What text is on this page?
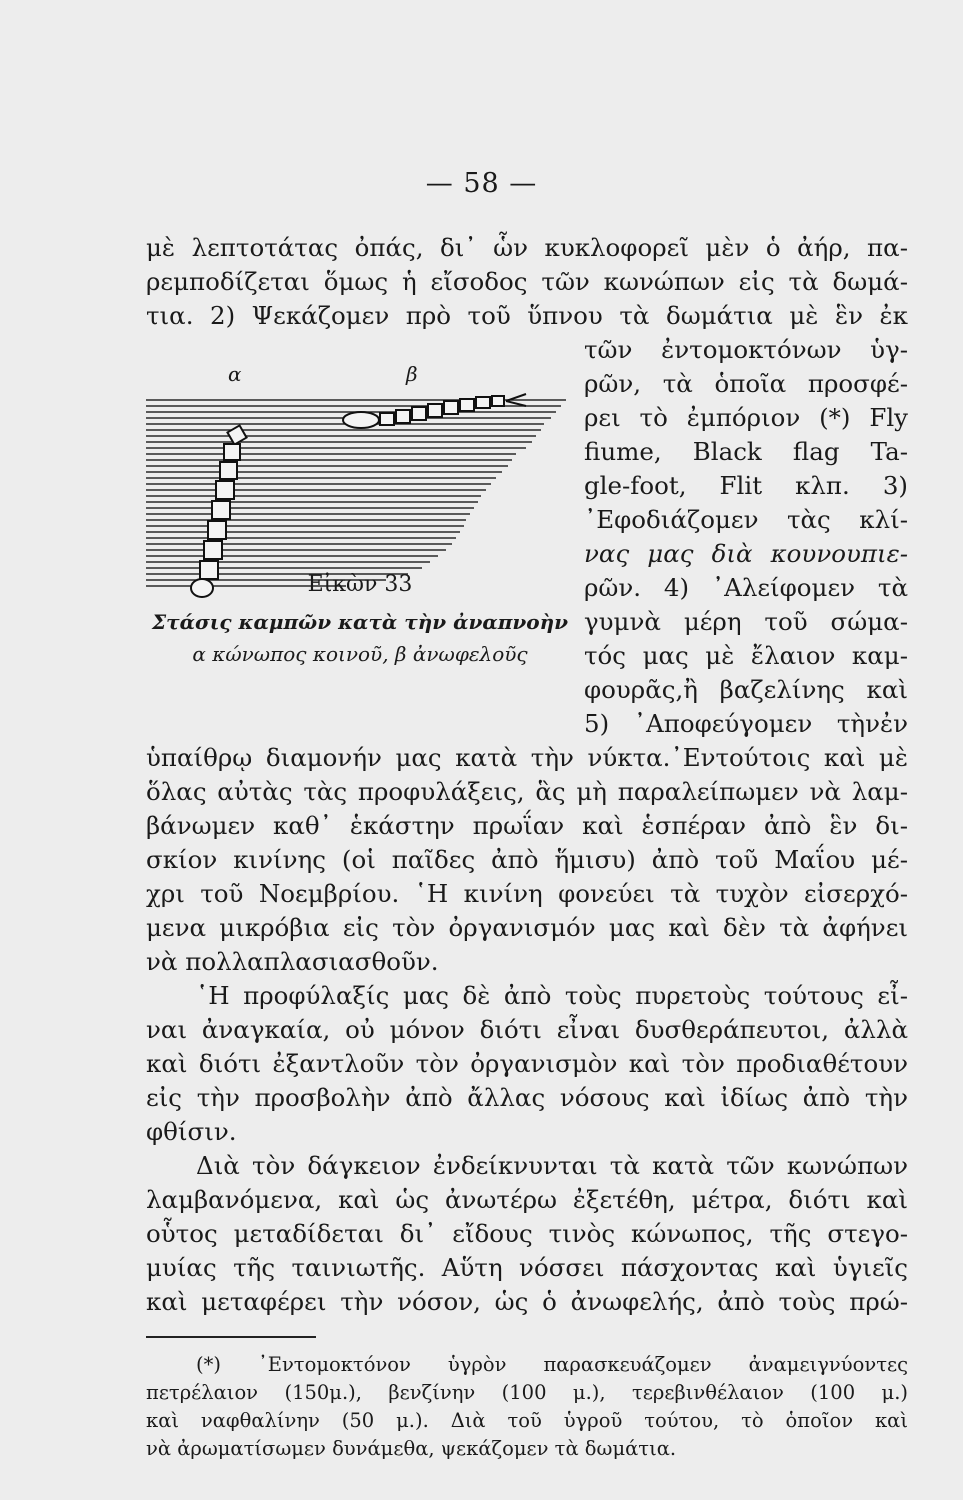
— 58 —
μὲ λεπτοτάτας ὀπάς, δι᾽ ὧν κυκλοφορεῖ μὲν ὁ ἀήρ, πα-
ρεμποδίζεται ὅμως ἡ εἴσοδος τῶν κωνώπων εἰς τὰ δωμά-
τια. 2) Ψεκάζομεν πρὸ τοῦ ὕπνου τὰ δωμάτια μὲ ἓν ἐκ
τῶν ἐντομοκτόνων ὑγ-
ρῶν, τὰ ὁποῖα προσφέ-
ρει τὸ ἐμπόριον (*) Fly
fiume, Black flag Ta-
gle-foot, Flit κλπ. 3)
᾽Εφοδιάζομεν τὰς κλί-
νας μας διὰ κουνουπιε-
ρῶν. 4) ᾽Αλείφομεν τὰ
γυμνὰ μέρη τοῦ σώμα-
τός μας μὲ ἔλαιον καμ-
φουρᾶς,ἢ βαζελίνης καὶ
5) ᾽Αποφεύγομεν τὴνἐν
α	β
Εἰκὼν 33
Στάσις καμπῶν κατὰ τὴν ἀναπνοὴν
α κώνωπος κοινοῦ, β ἀνωφελοῦς
ὑπαίθρῳ διαμονήν μας κατὰ τὴν νύκτα.᾽Εντούτοις καὶ μὲ
ὅλας αὐτὰς τὰς προφυλάξεις, ἃς μὴ παραλείπωμεν νὰ λαμ-
βάνωμεν καθ᾽ ἑκάστην πρωΐαν καὶ ἑσπέραν ἀπὸ ἓν δι-
σκίον κινίνης (οἱ παῖδες ἀπὸ ἥμισυ) ἀπὸ τοῦ Μαΐου μέ-
χρι τοῦ Νοεμβρίου. ῾Η κινίνη φονεύει τὰ τυχὸν εἰσερχό-
μενα μικρόβια εἰς τὸν ὀργανισμόν μας καὶ δὲν τὰ ἀφήνει
νὰ πολλαπλασιασθοῦν.
῾Η προφύλαξίς μας δὲ ἀπὸ τοὺς πυρετοὺς τούτους εἶ-
ναι ἀναγκαία, οὐ μόνον διότι εἶναι δυσθεράπευτοι, ἀλλὰ
καὶ διότι ἐξαντλοῦν τὸν ὀργανισμὸν καὶ τὸν προδιαθέτουν
εἰς τὴν προσβολὴν ἀπὸ ἄλλας νόσους καὶ ἰδίως ἀπὸ τὴν
φθίσιν.
Διὰ τὸν δάγκειον ἐνδείκνυνται τὰ κατὰ τῶν κωνώπων
λαμβανόμενα, καὶ ὡς ἀνωτέρω ἐξετέθη, μέτρα, διότι καὶ
οὗτος μεταδίδεται δι᾽ εἴδους τινὸς κώνωπος, τῆς στεγο-
μυίας τῆς ταινιωτῆς. Αὕτη νόσσει πάσχοντας καὶ ὑγιεῖς
καὶ μεταφέρει τὴν νόσον, ὡς ὁ ἀνωφελής, ἀπὸ τοὺς πρώ-
(*) ᾽Εντομοκτόνον ὑγρὸν παρασκευάζομεν ἀναμειγνύοντες
πετρέλαιον (150μ.), βενζίνην (100 μ.), τερεβινθέλαιον (100 μ.)
καὶ ναφθαλίνην (50 μ.). Διὰ τοῦ ὑγροῦ τούτου, τὸ ὁποῖον καὶ
νὰ ἀρωματίσωμεν δυνάμεθα, ψεκάζομεν τὰ δωμάτια.
